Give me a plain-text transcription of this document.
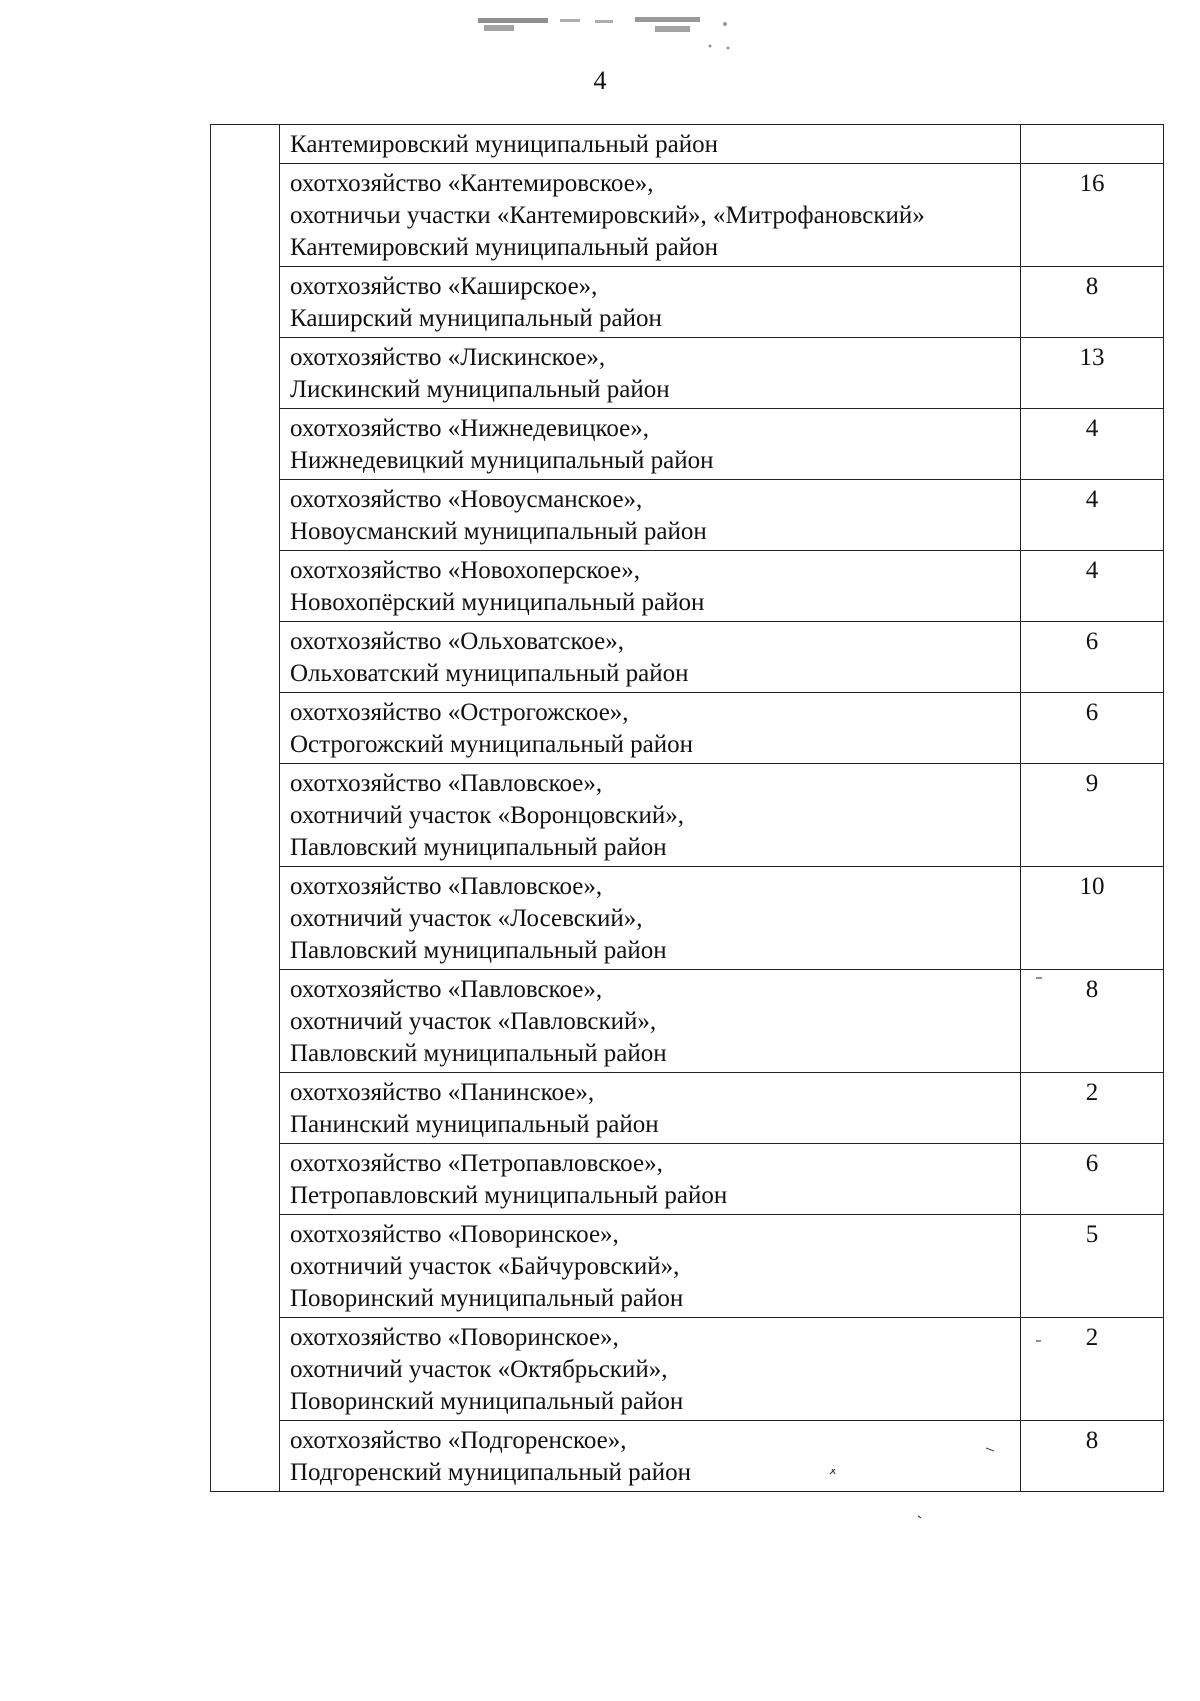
4

	Кантемировский муниципальный район	

	охотхозяйство «Кантемировское»,
охотничьи участки «Кантемировский», «Митрофановский»
Кантемировский муниципальный район	16

	охотхозяйство «Каширское»,
Каширский муниципальный район	8

	охотхозяйство «Лискинское»,
Лискинский муниципальный район	13

	охотхозяйство «Нижнедевицкое»,
Нижнедевицкий муниципальный район	4

	охотхозяйство «Новоусманское»,
Новоусманский муниципальный район	4

	охотхозяйство «Новохоперское»,
Новохопёрский муниципальный район	4

	охотхозяйство «Ольховатское»,
Ольховатский муниципальный район	6

	охотхозяйство «Острогожское»,
Острогожский муниципальный район	6

	охотхозяйство «Павловское»,
охотничий участок «Воронцовский»,
Павловский муниципальный район	9

	охотхозяйство «Павловское»,
охотничий участок «Лосевский»,
Павловский муниципальный район	10

	охотхозяйство «Павловское»,
охотничий участок «Павловский»,
Павловский муниципальный район	8

	охотхозяйство «Панинское»,
Панинский муниципальный район	2

	охотхозяйство «Петропавловское»,
Петропавловский муниципальный район	6

	охотхозяйство «Поворинское»,
охотничий участок «Байчуровский»,
Поворинский муниципальный район	5

	охотхозяйство «Поворинское»,
охотничий участок «Октябрьский»,
Поворинский муниципальный район	2

	охотхозяйство «Подгоренское»,
Подгоренский муниципальный район	8
